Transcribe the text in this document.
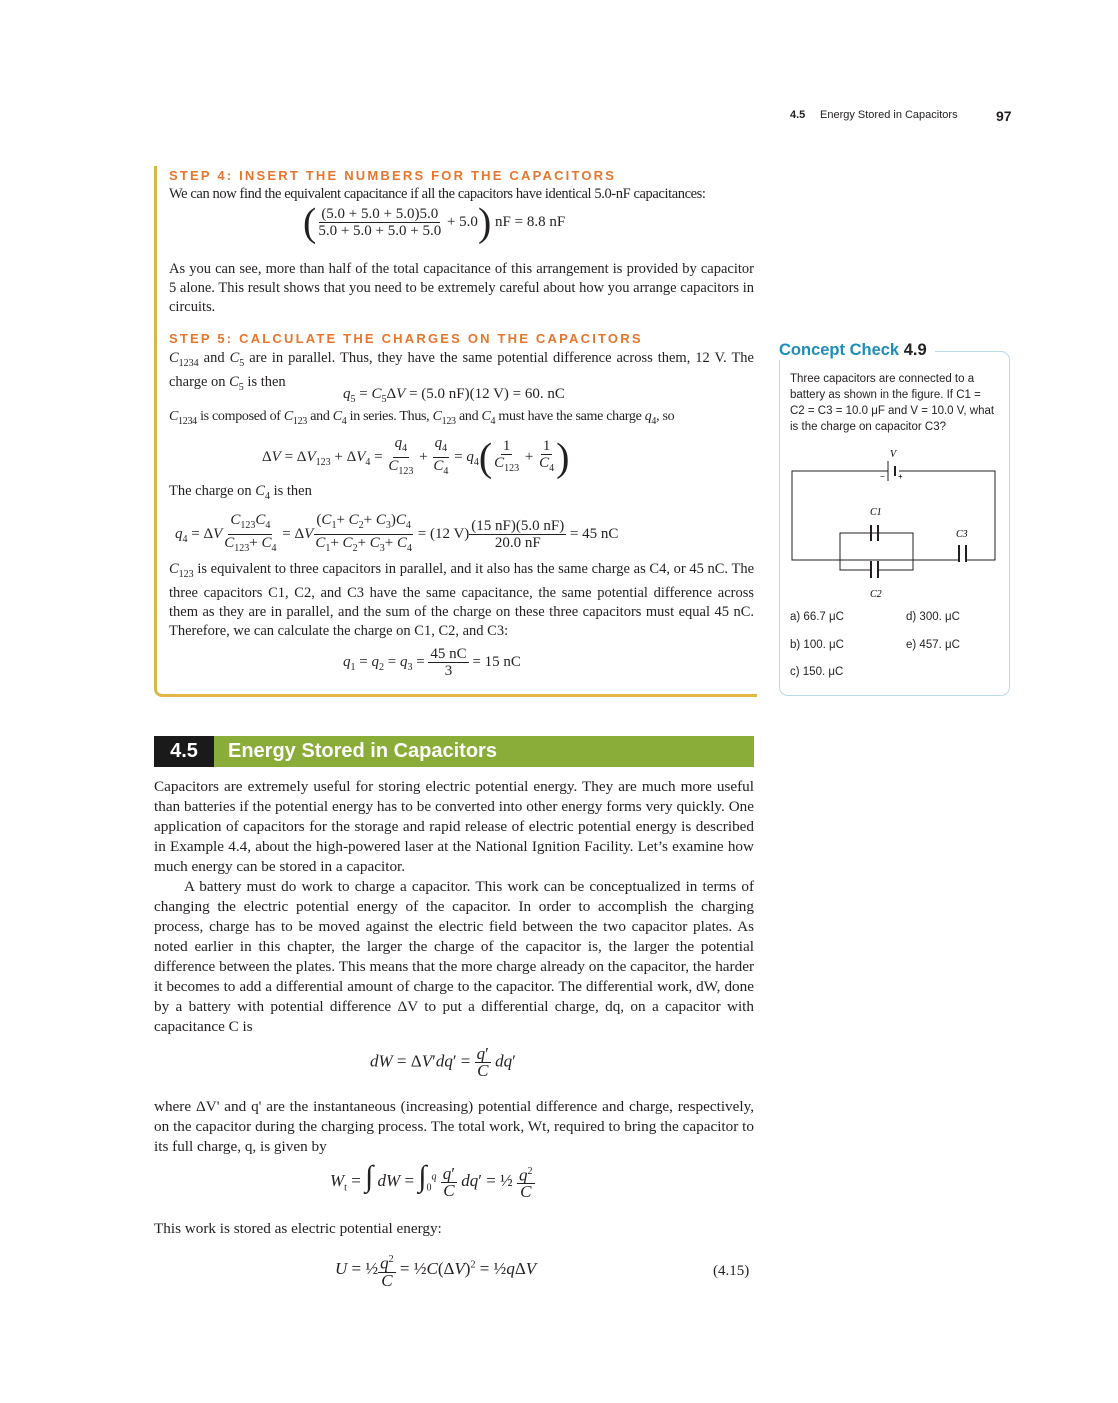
4.5 Energy Stored in Capacitors	97
STEP 4: INSERT THE NUMBERS FOR THE CAPACITORS
We can now find the equivalent capacitance if all the capacitors have identical 5.0-nF capacitances:
( $\frac{(5.0 + 5.0 + 5.0)5.0}{5.0 + 5.0 + 5.0 + 5.0} + 5.0$) nF = 8.8 nF
As you can see, more than half of the total capacitance of this arrangement is provided by capacitor 5 alone. This result shows that you need to be extremely careful about how you arrange capacitors in circuits.
STEP 5: CALCULATE THE CHARGES ON THE CAPACITORS
$C_{1234}$ and $C_5$ are in parallel. Thus, they have the same potential difference across them, 12 V. The charge on $C_5$ is then
$q_5 = C_5\Delta V = (5.0$ nF)(12 V) = 60. nC
$C_{1234}$ is composed of $C_{123}$ and $C_4$ in series. Thus, $C_{123}$ and $C_4$ must have the same charge $q_4$, so
$\Delta V = \Delta V_{123} + \Delta V_4 = \frac{q_4}{C_{123}} + \frac{q_4}{C_4} = q_4( \frac{1}{C_{123}} + \frac{1}{C_4}$ )
The charge on $C_4$ is then
$q_4 = \Delta V \frac{C_{123}C_4}{C_{123}+ C_4} = \Delta V \frac{(C_1+ C_2+ C_3)C_4}{C_1+ C_2+ C_3+ C_4} = (12$ $V) \frac{(15 nF)(5.0 nF)}{20.0 nF} = 45$ nC
$C_{123}$ is equivalent to three capacitors in parallel, and it also has the same charge as C4, or 45 nC. The three capacitors C1, C2, and C3 have the same capacitance, the same potential difference across them as they are in parallel, and the sum of the charge on these three capacitors must equal 45 nC. Therefore, we can calculate the charge on C1, C2, and C3:
$q_1 = q_2 = q_3 = \frac{45 nC}{3} = 15$ nC
Concept Check 4.9
Three capacitors are connected to a battery as shown in the figure. If C1 = C2 = C3 = 10.0 μF and V = 10.0 V, what is the charge on capacitor C3?
V
− +
C1
C2
C3
a) 66.7 μC
b) 100. μC
c) 150. μC
d) 300. μC
e) 457. μC
4.5	Energy Stored in Capacitors
Capacitors are extremely useful for storing electric potential energy. They are much more useful than batteries if the potential energy has to be converted into other energy forms very quickly. One application of capacitors for the storage and rapid release of electric potential energy is described in Example 4.4, about the high-powered laser at the National Ignition Facility. Let’s examine how much energy can be stored in a capacitor.
A battery must do work to charge a capacitor. This work can be conceptualized in terms of changing the electric potential energy of the capacitor. In order to accomplish the charging process, charge has to be moved against the electric field between the two capacitor plates. As noted earlier in this chapter, the larger the charge of the capacitor is, the larger the potential difference between the plates. This means that the more charge already on the capacitor, the harder it becomes to add a differential amount of charge to the capacitor. The differential work, dW, done by a battery with potential difference ΔV to put a differential charge, dq, on a capacitor with capacitance C is
dW = $\Delta V'dq' = \frac{q'}{C} dq'$
where ΔV' and q' are the instantaneous (increasing) potential difference and charge, respectively, on the capacitor during the charging process. The total work, Wt, required to bring the capacitor to its full charge, q, is given by
$W_t$ = ∫ dW = $\int_0^q \frac{q'}{C} dq'$ = ½ $\frac{q^2}{C}$
This work is stored as electric potential energy:
U = ½ $\frac{q^2}{C}$ = $\frac{1}{2}C(\Delta V)^2$ = ½qΔV	(4.15)
